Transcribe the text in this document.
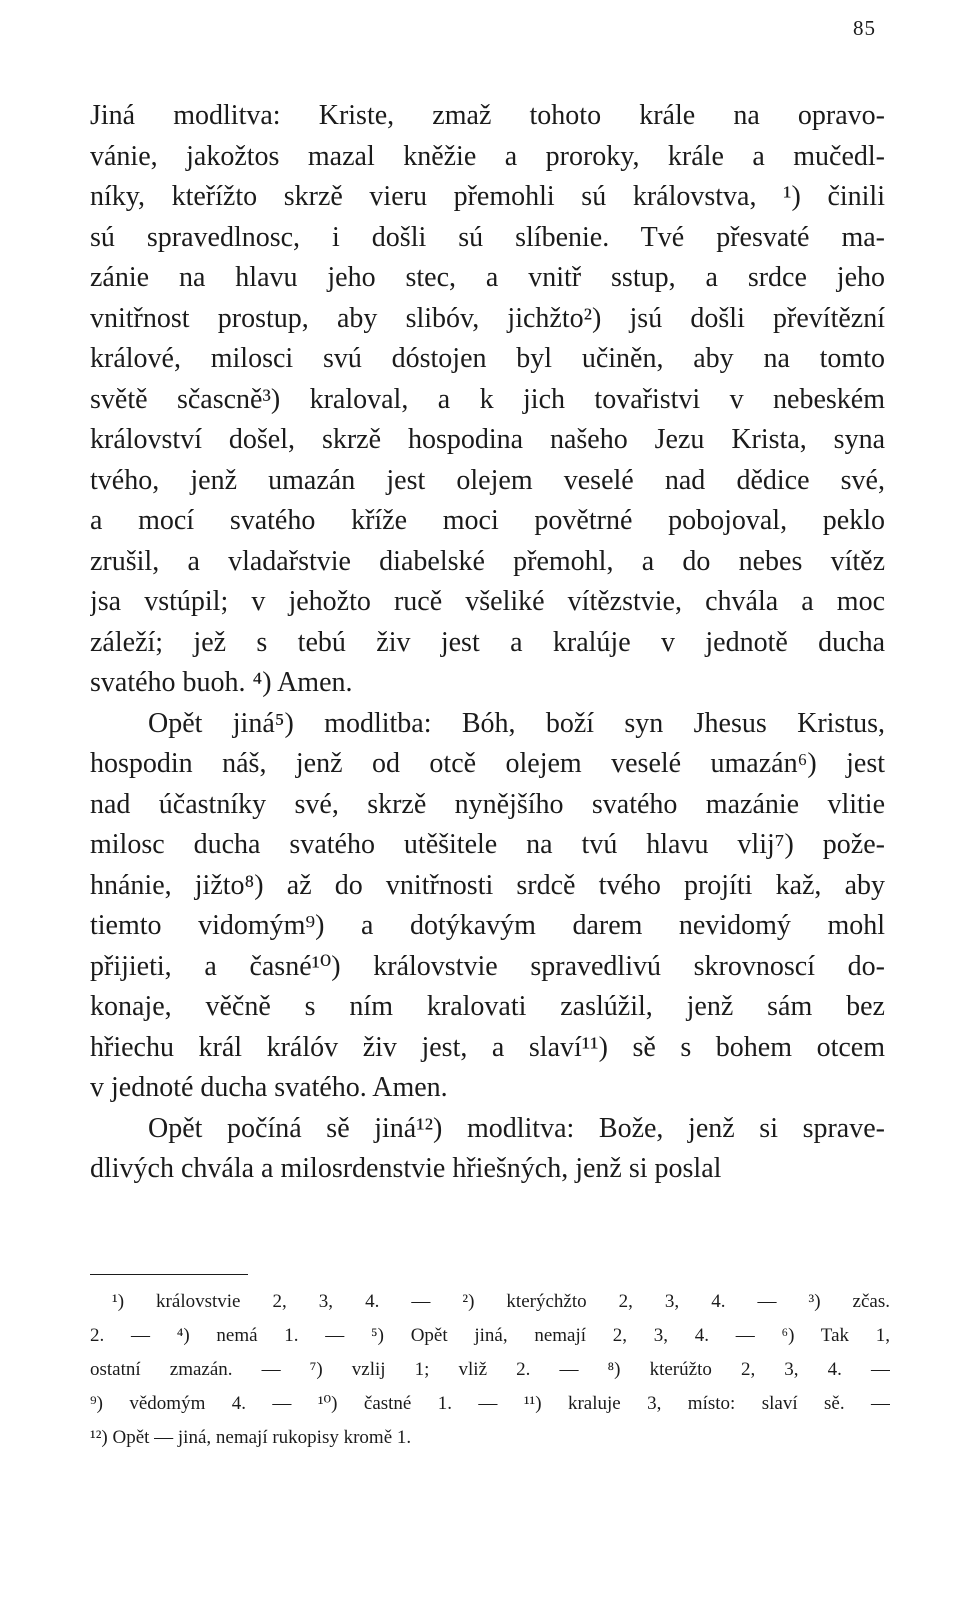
85
Jiná modlitva: Kriste, zmaž tohoto krále na opravo-
vánie, jakožtos mazal kněžie a proroky, krále a mučedl-
níky, kteřížto skrzě vieru přemohli sú královstva, ¹) činili
sú spravedlnosc, i došli sú slíbenie. Tvé přesvaté ma-
zánie na hlavu jeho stec, a vnitř sstup, a srdce jeho
vnitřnost prostup, aby slibóv, jichžto²) jsú došli převítězní
králové, milosci svú dóstojen byl učiněn, aby na tomto
světě sčascně³) kraloval, a k jich tovařistvi v nebeském
království došel, skrzě hospodina našeho Jezu Krista, syna
tvého, jenž umazán jest olejem veselé nad dědice své,
a mocí svatého kříže moci povětrné pobojoval, peklo
zrušil, a vladařstvie diabelské přemohl, a do nebes vítěz
jsa vstúpil; v jehožto rucě všeliké vítězstvie, chvála a moc
záleží; jež s tebú živ jest a kralúje v jednotě ducha
svatého buoh. ⁴) Amen.
Opět jiná⁵) modlitba: Bóh, boží syn Jhesus Kristus,
hospodin náš, jenž od otcě olejem veselé umazán⁶) jest
nad účastníky své, skrzě nynějšího svatého mazánie vlitie
milosc ducha svatého utěšitele na tvú hlavu vlij⁷) požе-
hnánie, jižto⁸) až do vnitřnosti srdcě tvého projíti kaž, aby
tiemto vidomým⁹) a dotýkavým darem nevidomý mohl
přijieti, a časné¹⁰) královstvie spravedlivú skrovnoscí do-
konaje, věčně s ním kralovati zaslúžil, jenž sám bez
hřiechu král králóv živ jest, a slaví¹¹) sě s bohem otcem
v jednoté ducha svatého. Amen.
Opět počíná sě jiná¹²) modlitva: Bože, jenž si sprave-
dlivých chvála a milosrdenstvie hřiešných, jenž si poslal
¹) královstvie 2, 3, 4. — ²) kterýchžto 2, 3, 4. — ³) zčas.
2. — ⁴) nemá 1. — ⁵) Opět jiná, nemají 2, 3, 4. — ⁶) Tak 1,
ostatní zmazán. — ⁷) vzlij 1; vliž 2. — ⁸) kterúžto 2, 3, 4. —
⁹) vědomým 4. — ¹⁰) častné 1. — ¹¹) kraluje 3, místo: slaví sě. —
¹²) Opět — jiná, nemají rukopisy kromě 1.
